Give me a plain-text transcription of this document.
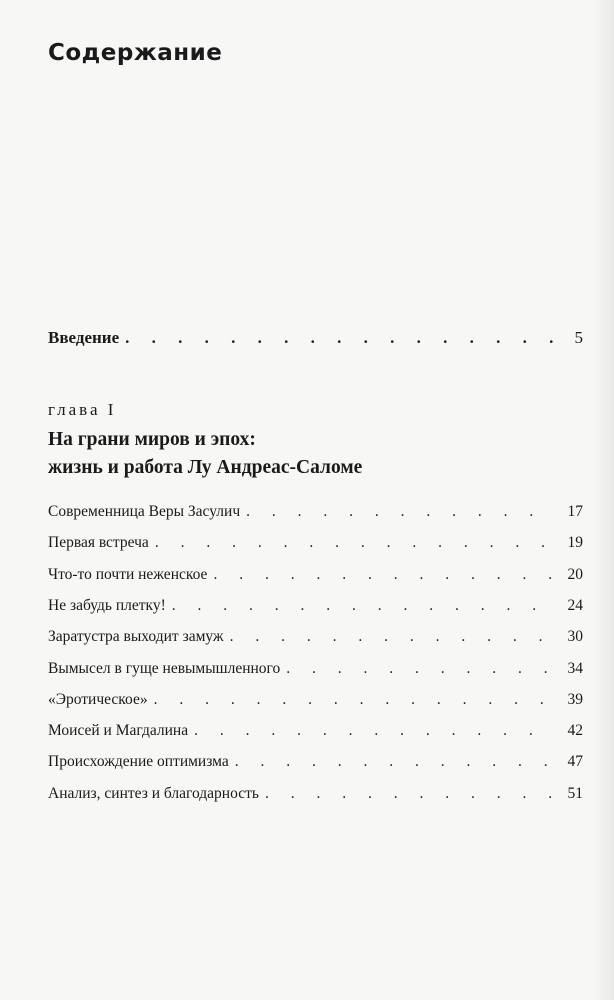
Содержание
Введение . . .	5
глава I
На грани миров и эпох:
жизнь и работа Лу Андреас-Саломе
Современница Веры Засулич . . .	17
Первая встреча . . .	19
Что-то почти неженское . . .	20
Не забудь плетку! . . .	24
Заратустра выходит замуж . . .	30
Вымысел в гуще невымышленного . . .	34
«Эротическое» . . .	39
Моисей и Магдалина . . .	42
Происхождение оптимизма . . .	47
Анализ, синтез и благодарность . . .	51
